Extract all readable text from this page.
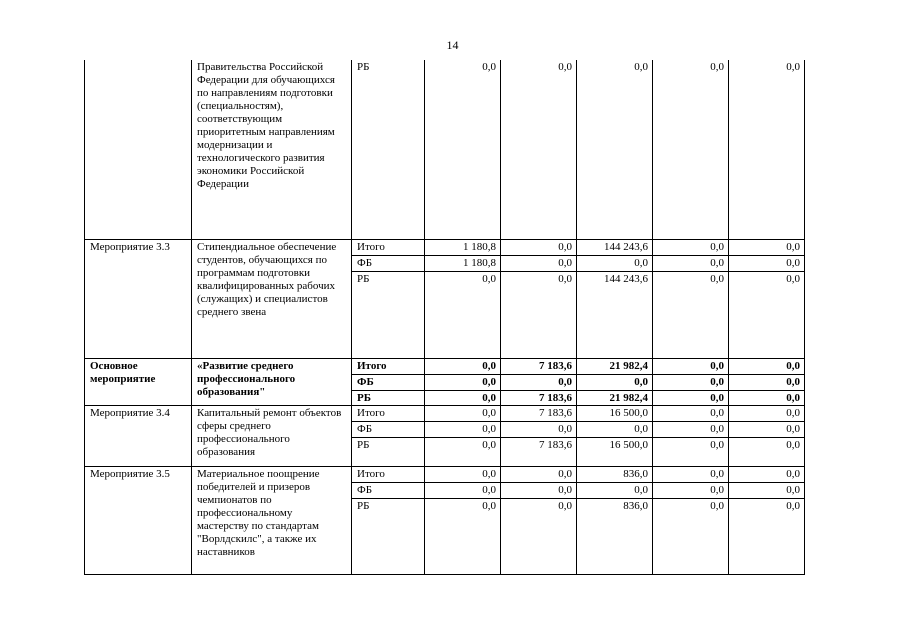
14
	Правительства Российской Федерации для обучающихся по направлениям подготовки (специальностям), соответствующим приоритетным направлениям модернизации и технологического развития экономики Российской Федерации	РБ	0,0	0,0	0,0	0,0	0,0
Мероприятие 3.3	Стипендиальное обеспечение студентов, обучающихся по программам подготовки квалифицированных рабочих (служащих) и специалистов среднего звена	Итого	1 180,8	0,0	144 243,6	0,0	0,0
		ФБ	1 180,8	0,0	0,0	0,0	0,0
		РБ	0,0	0,0	144 243,6	0,0	0,0
Основное мероприятие	«Развитие среднего профессионального образования"	Итого	0,0	7 183,6	21 982,4	0,0	0,0
		ФБ	0,0	0,0	0,0	0,0	0,0
		РБ	0,0	7 183,6	21 982,4	0,0	0,0
Мероприятие 3.4	Капитальный ремонт объектов сферы среднего профессионального образования	Итого	0,0	7 183,6	16 500,0	0,0	0,0
		ФБ	0,0	0,0	0,0	0,0	0,0
		РБ	0,0	7 183,6	16 500,0	0,0	0,0
Мероприятие 3.5	Материальное поощрение победителей и призеров чемпионатов по профессиональному мастерству по стандартам "Ворлдскилс", а также их наставников	Итого	0,0	0,0	836,0	0,0	0,0
		ФБ	0,0	0,0	0,0	0,0	0,0
		РБ	0,0	0,0	836,0	0,0	0,0
